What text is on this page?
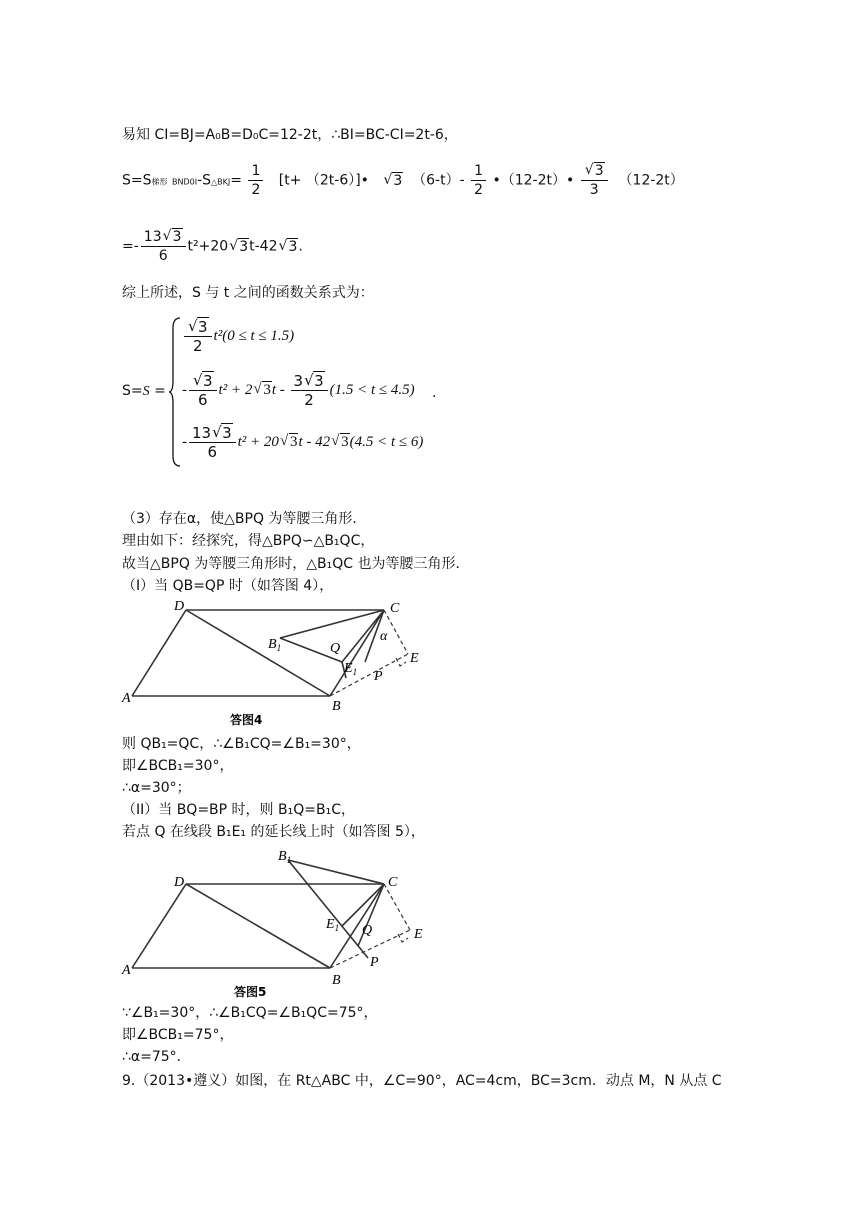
易知 CI=BJ=A₀B=D₀C=12-2t，∴BI=BC-CI=2t-6，
S=S梯形 BND0I-S△BKJ= $\frac{1}{2} [t+$ （2t-6）]•   √ 3 $(6-t)- \frac{1}{2}$ •（12-2t）•
√ $\frac{3}{3} (12-2t)$
=- $\frac{13√ 3}{6} t^2+20√$ 3t-42√ 3.
综上所述，S 与 t 之间的函数关系式为：
S=S =
√ $\frac{3}{2} t^2(0 \le t \le 1.5)$
-
√ $\frac{3}{6} t^2 + 2√$ $3t - \frac{3√ 3}{2} (1.5 < t \le 4.5)$
- $\frac{13√ 3}{6} t^2 + 20√$ 3t - 42√ 3(4.5 < t ≤ 6)
.
（3）存在α，使△BPQ 为等腰三角形．
理由如下：经探究，得△BPQ∽△B₁QC，
故当△BPQ 为等腰三角形时，△B₁QC 也为等腰三角形．
（I）当 QB=QP 时（如答图 4），
A
B
C
D
$B_1$	Q
$E_1$
E
P
α
答图4
则 QB₁=QC，∴∠B₁CQ=∠B₁=30°，
即∠BCB₁=30°，
∴α=30°；
（II）当 BQ=BP 时，则 B₁Q=B₁C，
若点 Q 在线段 B₁E₁ 的延长线上时（如答图 5），
A
B
C
D
$B_1$
Q
$E_1$	E
P
答图5
∵∠B₁=30°，∴∠B₁CQ=∠B₁QC=75°，
即∠BCB₁=75°，
∴α=75°．
9.（2013•遵义）如图，在 Rt△ABC 中，∠C=90°，AC=4cm，BC=3cm．动点 M，N 从点 C
